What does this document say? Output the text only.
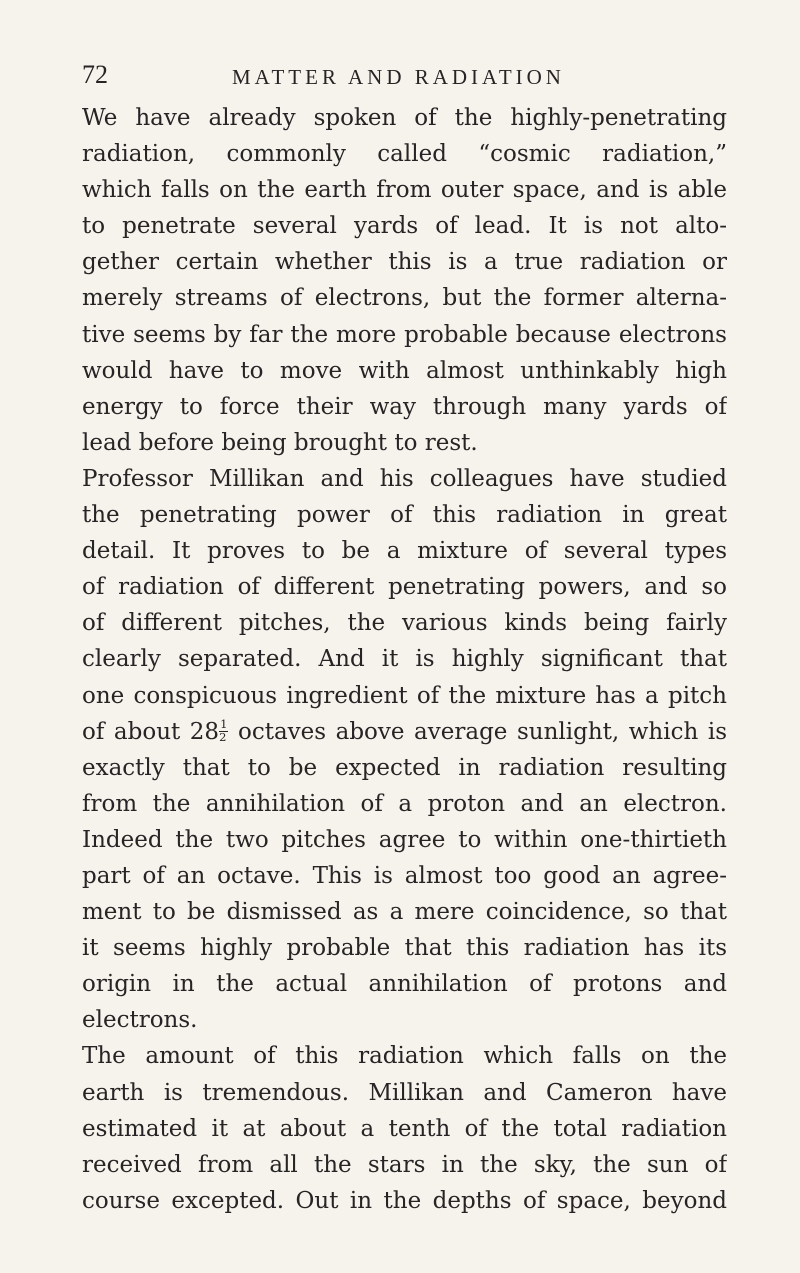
72	MATTER AND RADIATION
We have already spoken of the highly-penetrating
radiation, commonly called “cosmic radiation,”
which falls on the earth from outer space, and is able
to penetrate several yards of lead. It is not alto-
gether certain whether this is a true radiation or
merely streams of electrons, but the former alterna-
tive seems by far the more probable because electrons
would have to move with almost unthinkably high
energy to force their way through many yards of
lead before being brought to rest.
Professor Millikan and his colleagues have studied
the penetrating power of this radiation in great
detail. It proves to be a mixture of several types
of radiation of different penetrating powers, and so
of different pitches, the various kinds being fairly
clearly separated. And it is highly significant that
one conspicuous ingredient of the mixture has a pitch
of about $28 \frac{1}{2}$ octaves above average sunlight, which is
exactly that to be expected in radiation resulting
from the annihilation of a proton and an electron.
Indeed the two pitches agree to within one-thirtieth
part of an octave. This is almost too good an agree-
ment to be dismissed as a mere coincidence, so that
it seems highly probable that this radiation has its
origin in the actual annihilation of protons and
electrons.
The amount of this radiation which falls on the
earth is tremendous. Millikan and Cameron have
estimated it at about a tenth of the total radiation
received from all the stars in the sky, the sun of
course excepted. Out in the depths of space, beyond
